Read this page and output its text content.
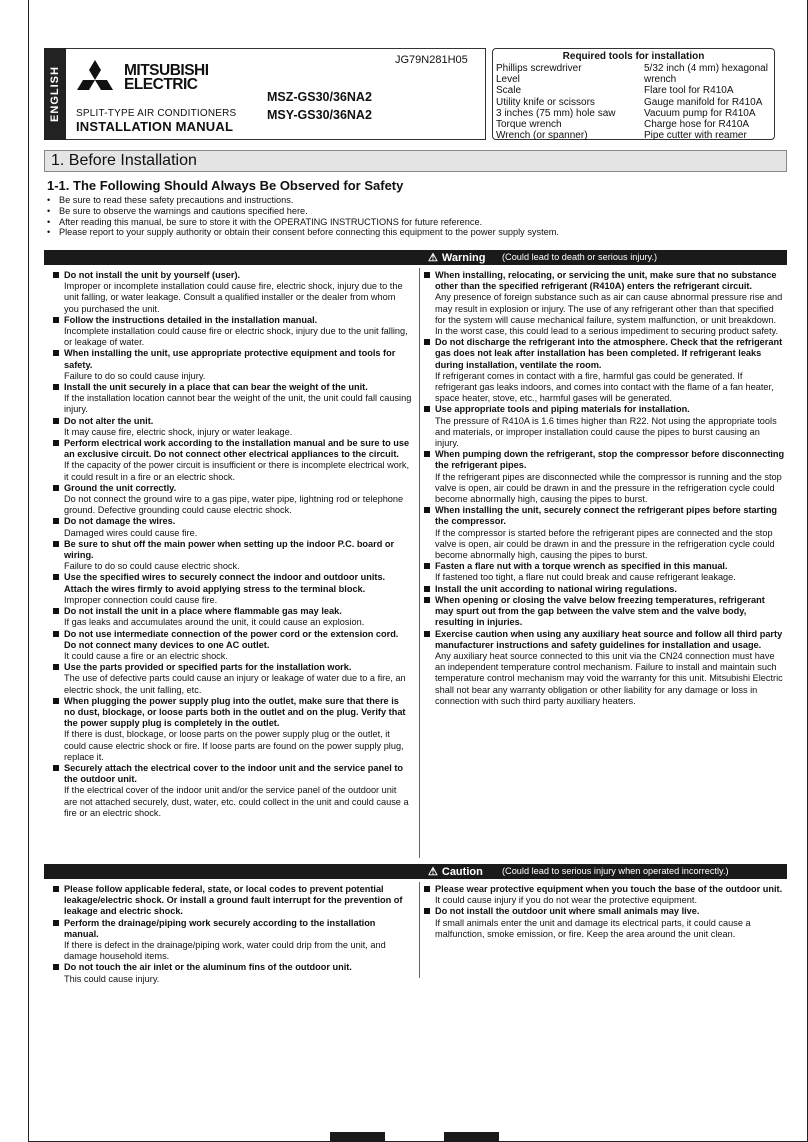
ENGLISH
JG79N281H05
MITSUBISHI
ELECTRIC
SPLIT-TYPE AIR CONDITIONERS
INSTALLATION MANUAL
MSZ-GS30/36NA2
MSY-GS30/36NA2
Required tools for installation
Phillips screwdriver
Level
Scale
Utility knife or scissors
3 inches (75 mm) hole saw
Torque wrench
Wrench (or spanner)
5/32 inch (4 mm) hexagonal
wrench
Flare tool for R410A
Gauge manifold for R410A
Vacuum pump for R410A
Charge hose for R410A
Pipe cutter with reamer
1. Before Installation
1-1. The Following Should Always Be Observed for Safety
• Be sure to read these safety precautions and instructions.
• Be sure to observe the warnings and cautions specified here.
• After reading this manual, be sure to store it with the OPERATING INSTRUCTIONS for future reference.
• Please report to your supply authority or obtain their consent before connecting this equipment to the power supply system.
⚠ Warning (Could lead to death or serious injury.)
Do not install the unit by yourself (user).
Improper or incomplete installation could cause fire, electric shock, injury due to the unit falling, or water leakage. Consult a qualified installer or the dealer from whom you purchased the unit.
Follow the instructions detailed in the installation manual.
Incomplete installation could cause fire or electric shock, injury due to the unit falling, or leakage of water.
When installing the unit, use appropriate protective equipment and tools for safety.
Failure to do so could cause injury.
Install the unit securely in a place that can bear the weight of the unit.
If the installation location cannot bear the weight of the unit, the unit could fall causing injury.
Do not alter the unit.
It may cause fire, electric shock, injury or water leakage.
Perform electrical work according to the installation manual and be sure to use an exclusive circuit. Do not connect other electrical appliances to the circuit.
If the capacity of the power circuit is insufficient or there is incomplete electrical work, it could result in a fire or an electric shock.
Ground the unit correctly.
Do not connect the ground wire to a gas pipe, water pipe, lightning rod or telephone ground. Defective grounding could cause electric shock.
Do not damage the wires.
Damaged wires could cause fire.
Be sure to shut off the main power when setting up the indoor P.C. board or wiring.
Failure to do so could cause electric shock.
Use the specified wires to securely connect the indoor and outdoor units. Attach the wires firmly to avoid applying stress to the terminal block.
Improper connection could cause fire.
Do not install the unit in a place where flammable gas may leak.
If gas leaks and accumulates around the unit, it could cause an explosion.
Do not use intermediate connection of the power cord or the extension cord. Do not connect many devices to one AC outlet.
It could cause a fire or an electric shock.
Use the parts provided or specified parts for the installation work.
The use of defective parts could cause an injury or leakage of water due to a fire, an electric shock, the unit falling, etc.
When plugging the power supply plug into the outlet, make sure that there is no dust, blockage, or loose parts both in the outlet and on the plug. Verify that the power supply plug is completely in the outlet.
If there is dust, blockage, or loose parts on the power supply plug or the outlet, it could cause electric shock or fire. If loose parts are found on the power supply plug, replace it.
Securely attach the electrical cover to the indoor unit and the service panel to the outdoor unit.
If the electrical cover of the indoor unit and/or the service panel of the outdoor unit are not attached securely, dust, water, etc. could collect in the unit and could cause a fire or an electric shock.
When installing, relocating, or servicing the unit, make sure that no substance other than the specified refrigerant (R410A) enters the refrigerant circuit.
Any presence of foreign substance such as air can cause abnormal pressure rise and may result in explosion or injury. The use of any refrigerant other than that specified for the system will cause mechanical failure, system malfunction, or unit breakdown. In the worst case, this could lead to a serious impediment to securing product safety.
Do not discharge the refrigerant into the atmosphere. Check that the refrigerant gas does not leak after installation has been completed. If refrigerant leaks during installation, ventilate the room.
If refrigerant comes in contact with a fire, harmful gas could be generated. If refrigerant gas leaks indoors, and comes into contact with the flame of a fan heater, space heater, stove, etc., harmful gases will be generated.
Use appropriate tools and piping materials for installation.
The pressure of R410A is 1.6 times higher than R22. Not using the appropriate tools and materials, or improper installation could cause the pipes to burst causing an injury.
When pumping down the refrigerant, stop the compressor before disconnecting the refrigerant pipes.
If the refrigerant pipes are disconnected while the compressor is running and the stop valve is open, air could be drawn in and the pressure in the refrigeration cycle could become abnormally high, causing the pipes to burst.
When installing the unit, securely connect the refrigerant pipes before starting the compressor.
If the compressor is started before the refrigerant pipes are connected and the stop valve is open, air could be drawn in and the pressure in the refrigeration cycle could become abnormally high, causing the pipes to burst.
Fasten a flare nut with a torque wrench as specified in this manual.
If fastened too tight, a flare nut could break and cause refrigerant leakage.
Install the unit according to national wiring regulations.
When opening or closing the valve below freezing temperatures, refrigerant may spurt out from the gap between the valve stem and the valve body, resulting in injuries.
Exercise caution when using any auxiliary heat source and follow all third party manufacturer instructions and safety guidelines for installation and usage.
Any auxiliary heat source connected to this unit via the CN24 connection must have an independent temperature control mechanism. Failure to install and maintain such temperature control mechanism may void the warranty for this unit. Mitsubishi Electric shall not bear any warranty obligation or other liability for any damage or loss in connection with such third party auxiliary heaters.
⚠ Caution (Could lead to serious injury when operated incorrectly.)
Please follow applicable federal, state, or local codes to prevent potential leakage/electric shock. Or install a ground fault interrupt for the prevention of leakage and electric shock.
Perform the drainage/piping work securely according to the installation manual.
If there is defect in the drainage/piping work, water could drip from the unit, and damage household items.
Do not touch the air inlet or the aluminum fins of the outdoor unit.
This could cause injury.
Please wear protective equipment when you touch the base of the outdoor unit.
It could cause injury if you do not wear the protective equipment.
Do not install the outdoor unit where small animals may live.
If small animals enter the unit and damage its electrical parts, it could cause a malfunction, smoke emission, or fire. Keep the area around the unit clean.
